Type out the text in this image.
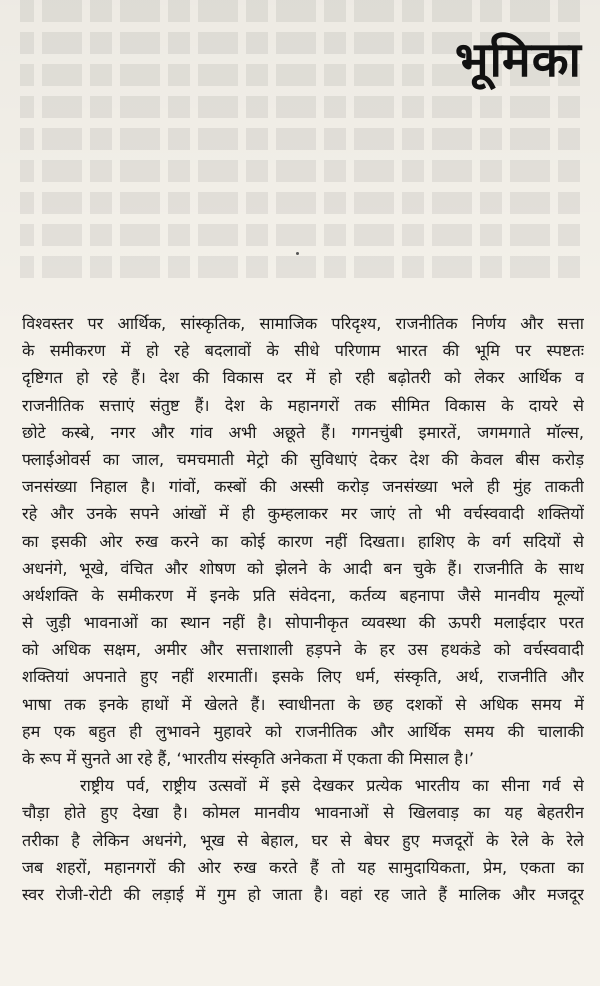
भूमिका
विश्वस्तर पर आर्थिक, सांस्कृतिक, सामाजिक परिदृश्य, राजनीतिक निर्णय और सत्ता
के समीकरण में हो रहे बदलावों के सीधे परिणाम भारत की भूमि पर स्पष्टतः
दृष्टिगत हो रहे हैं। देश की विकास दर में हो रही बढ़ोतरी को लेकर आर्थिक व
राजनीतिक सत्ताएं संतुष्ट हैं। देश के महानगरों तक सीमित विकास के दायरे से
छोटे कस्बे, नगर और गांव अभी अछूते हैं। गगनचुंबी इमारतें, जगमगाते मॉल्स,
फ्लाईओवर्स का जाल, चमचमाती मेट्रो की सुविधाएं देकर देश की केवल बीस करोड़
जनसंख्या निहाल है। गांवों, कस्बों की अस्सी करोड़ जनसंख्या भले ही मुंह ताकती
रहे और उनके सपने आंखों में ही कुम्हलाकर मर जाएं तो भी वर्चस्ववादी शक्तियों
का इसकी ओर रुख करने का कोई कारण नहीं दिखता। हाशिए के वर्ग सदियों से
अधनंगे, भूखे, वंचित और शोषण को झेलने के आदी बन चुके हैं। राजनीति के साथ
अर्थशक्ति के समीकरण में इनके प्रति संवेदना, कर्तव्य बहनापा जैसे मानवीय मूल्यों
से जुड़ी भावनाओं का स्थान नहीं है। सोपानीकृत व्यवस्था की ऊपरी मलाईदार परत
को अधिक सक्षम, अमीर और सत्ताशाली हड़पने के हर उस हथकंडे को वर्चस्ववादी
शक्तियां अपनाते हुए नहीं शरमातीं। इसके लिए धर्म, संस्कृति, अर्थ, राजनीति और
भाषा तक इनके हाथों में खेलते हैं। स्वाधीनता के छह दशकों से अधिक समय में
हम एक बहुत ही लुभावने मुहावरे को राजनीतिक और आर्थिक समय की चालाकी
के रूप में सुनते आ रहे हैं, ‘भारतीय संस्कृति अनेकता में एकता की मिसाल है।’
राष्ट्रीय पर्व, राष्ट्रीय उत्सवों में इसे देखकर प्रत्येक भारतीय का सीना गर्व से
चौड़ा होते हुए देखा है। कोमल मानवीय भावनाओं से खिलवाड़ का यह बेहतरीन
तरीका है लेकिन अधनंगे, भूख से बेहाल, घर से बेघर हुए मजदूरों के रेले के रेले
जब शहरों, महानगरों की ओर रुख करते हैं तो यह सामुदायिकता, प्रेम, एकता का
स्वर रोजी-रोटी की लड़ाई में गुम हो जाता है। वहां रह जाते हैं मालिक और मजदूर
